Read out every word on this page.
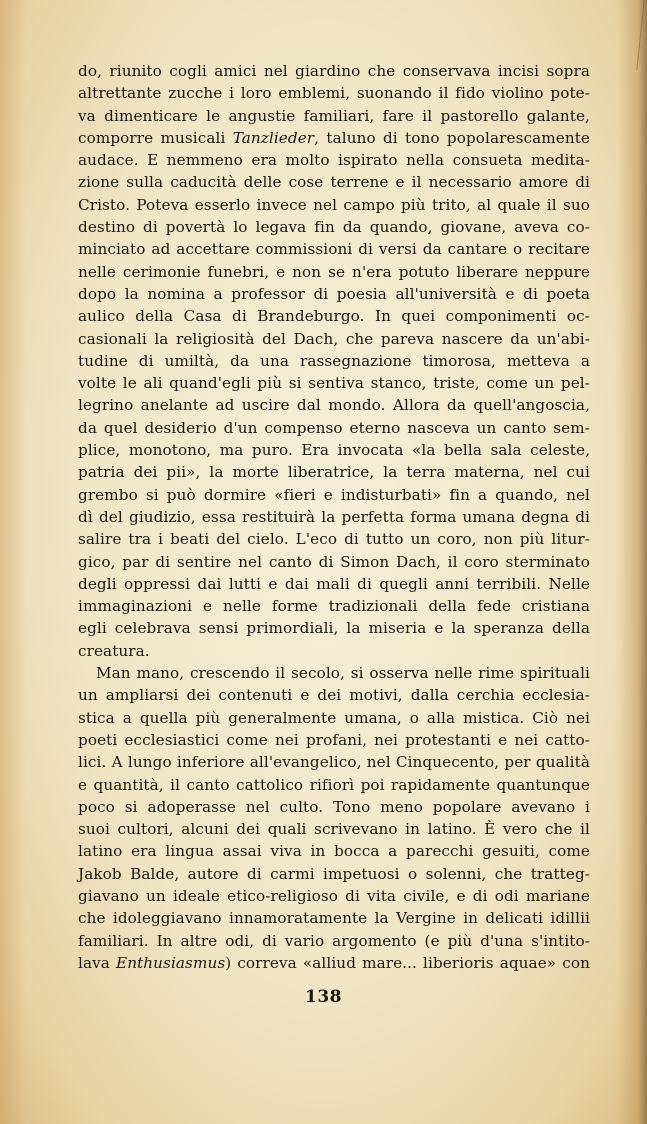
do, riunito cogli amici nel giardino che conservava incisi sopra
altrettante zucche i loro emblemi, suonando il fido violino pote-
va dimenticare le angustie familiari, fare il pastorello galante,
comporre musicali Tanzlieder, taluno di tono popolarescamente
audace. E nemmeno era molto ispirato nella consueta medita-
zione sulla caducità delle cose terrene e il necessario amore di
Cristo. Poteva esserlo invece nel campo più trito, al quale il suo
destino di povertà lo legava fin da quando, giovane, aveva co-
minciato ad accettare commissioni di versi da cantare o recitare
nelle cerimonie funebri, e non se n'era potuto liberare neppure
dopo la nomina a professor di poesia all'università e di poeta
aulico della Casa di Brandeburgo. In quei componimenti oc-
casionali la religiosità del Dach, che pareva nascere da un'abi-
tudine di umiltà, da una rassegnazione timorosa, metteva a
volte le ali quand'egli più si sentiva stanco, triste, come un pel-
legrino anelante ad uscire dal mondo. Allora da quell'angoscia,
da quel desiderio d'un compenso eterno nasceva un canto sem-
plice, monotono, ma puro. Era invocata «la bella sala celeste,
patria dei pii», la morte liberatrice, la terra materna, nel cui
grembo si può dormire «fieri e indisturbati» fin a quando, nel
dì del giudizio, essa restituirà la perfetta forma umana degna di
salire tra i beati del cielo. L'eco di tutto un coro, non più litur-
gico, par di sentire nel canto di Simon Dach, il coro sterminato
degli oppressi dai lutti e dai mali di quegli anni terribili. Nelle
immaginazioni e nelle forme tradizionali della fede cristiana
egli celebrava sensi primordiali, la miseria e la speranza della
creatura.
Man mano, crescendo il secolo, si osserva nelle rime spirituali
un ampliarsi dei contenuti e dei motivi, dalla cerchia ecclesia-
stica a quella più generalmente umana, o alla mistica. Ciò nei
poeti ecclesiastici come nei profani, nei protestanti e nei catto-
lici. A lungo inferiore all'evangelico, nel Cinquecento, per qualità
e quantità, il canto cattolico rifiorì poi rapidamente quantunque
poco si adoperasse nel culto. Tono meno popolare avevano i
suoi cultori, alcuni dei quali scrivevano in latino. È vero che il
latino era lingua assai viva in bocca a parecchi gesuiti, come
Jakob Balde, autore di carmi impetuosi o solenni, che tratteg-
giavano un ideale etico-religioso di vita civile, e di odi mariane
che idoleggiavano innamoratamente la Vergine in delicati idillii
familiari. In altre odi, di vario argomento (e più d'una s'intito-
lava Enthusiasmus) correva «alliud mare... liberioris aquae» con
138
